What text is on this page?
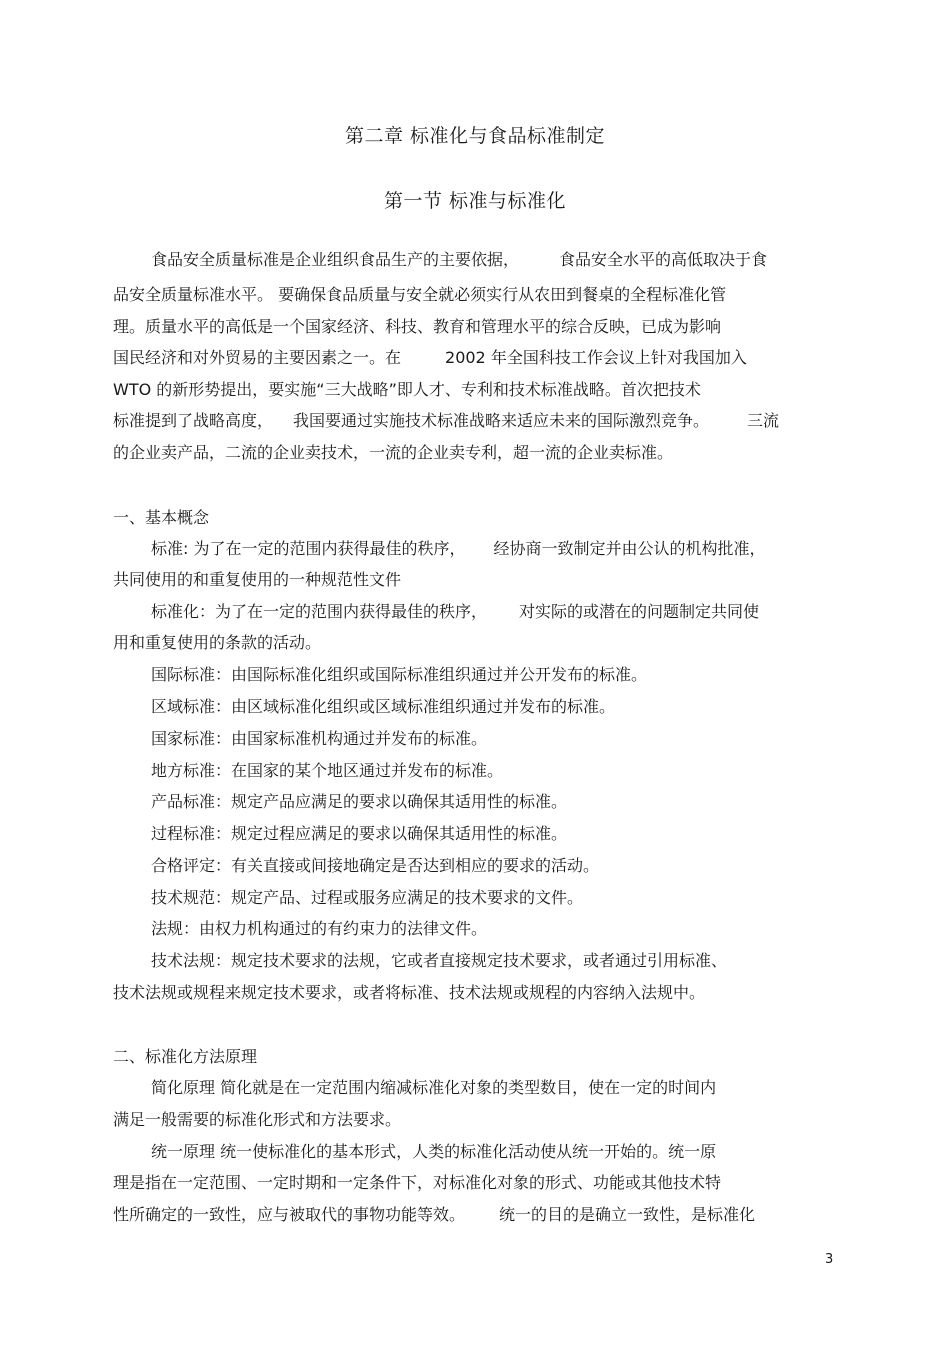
第二章 标准化与食品标准制定
第一节 标准与标准化
食品安全质量标准是企业组织食品生产的主要依据，	食品安全水平的高低取决于食
品安全质量标准水平。 要确保食品质量与安全就必须实行从农田到餐桌的全程标准化管
理。质量水平的高低是一个国家经济、科技、教育和管理水平的综合反映，已成为影响
国民经济和对外贸易的主要因素之一。在	2002 年全国科技工作会议上针对我国加入
WTO 的新形势提出，要实施“三大战略”即人才、专利和技术标准战略。首次把技术
标准提到了战略高度， 我国要通过实施技术标准战略来适应未来的国际激烈竞争。 三流
的企业卖产品，二流的企业卖技术，一流的企业卖专利，超一流的企业卖标准。
一、基本概念
标准: 为了在一定的范围内获得最佳的秩序， 经协商一致制定并由公认的机构批准，
共同使用的和重复使用的一种规范性文件
标准化：为了在一定的范围内获得最佳的秩序， 对实际的或潜在的问题制定共同使
用和重复使用的条款的活动。
国际标准：由国际标准化组织或国际标准组织通过并公开发布的标准。
区域标准：由区域标准化组织或区域标准组织通过并发布的标准。
国家标准：由国家标准机构通过并发布的标准。
地方标准：在国家的某个地区通过并发布的标准。
产品标准：规定产品应满足的要求以确保其适用性的标准。
过程标准：规定过程应满足的要求以确保其适用性的标准。
合格评定：有关直接或间接地确定是否达到相应的要求的活动。
技术规范：规定产品、过程或服务应满足的技术要求的文件。
法规：由权力机构通过的有约束力的法律文件。
技术法规：规定技术要求的法规，它或者直接规定技术要求，或者通过引用标准、
技术法规或规程来规定技术要求，或者将标准、技术法规或规程的内容纳入法规中。
二、标准化方法原理
简化原理 简化就是在一定范围内缩减标准化对象的类型数目，使在一定的时间内
满足一般需要的标准化形式和方法要求。
统一原理 统一使标准化的基本形式，人类的标准化活动使从统一开始的。统一原
理是指在一定范围、一定时期和一定条件下，对标准化对象的形式、功能或其他技术特
性所确定的一致性，应与被取代的事物功能等效。 统一的目的是确立一致性，是标准化
3
